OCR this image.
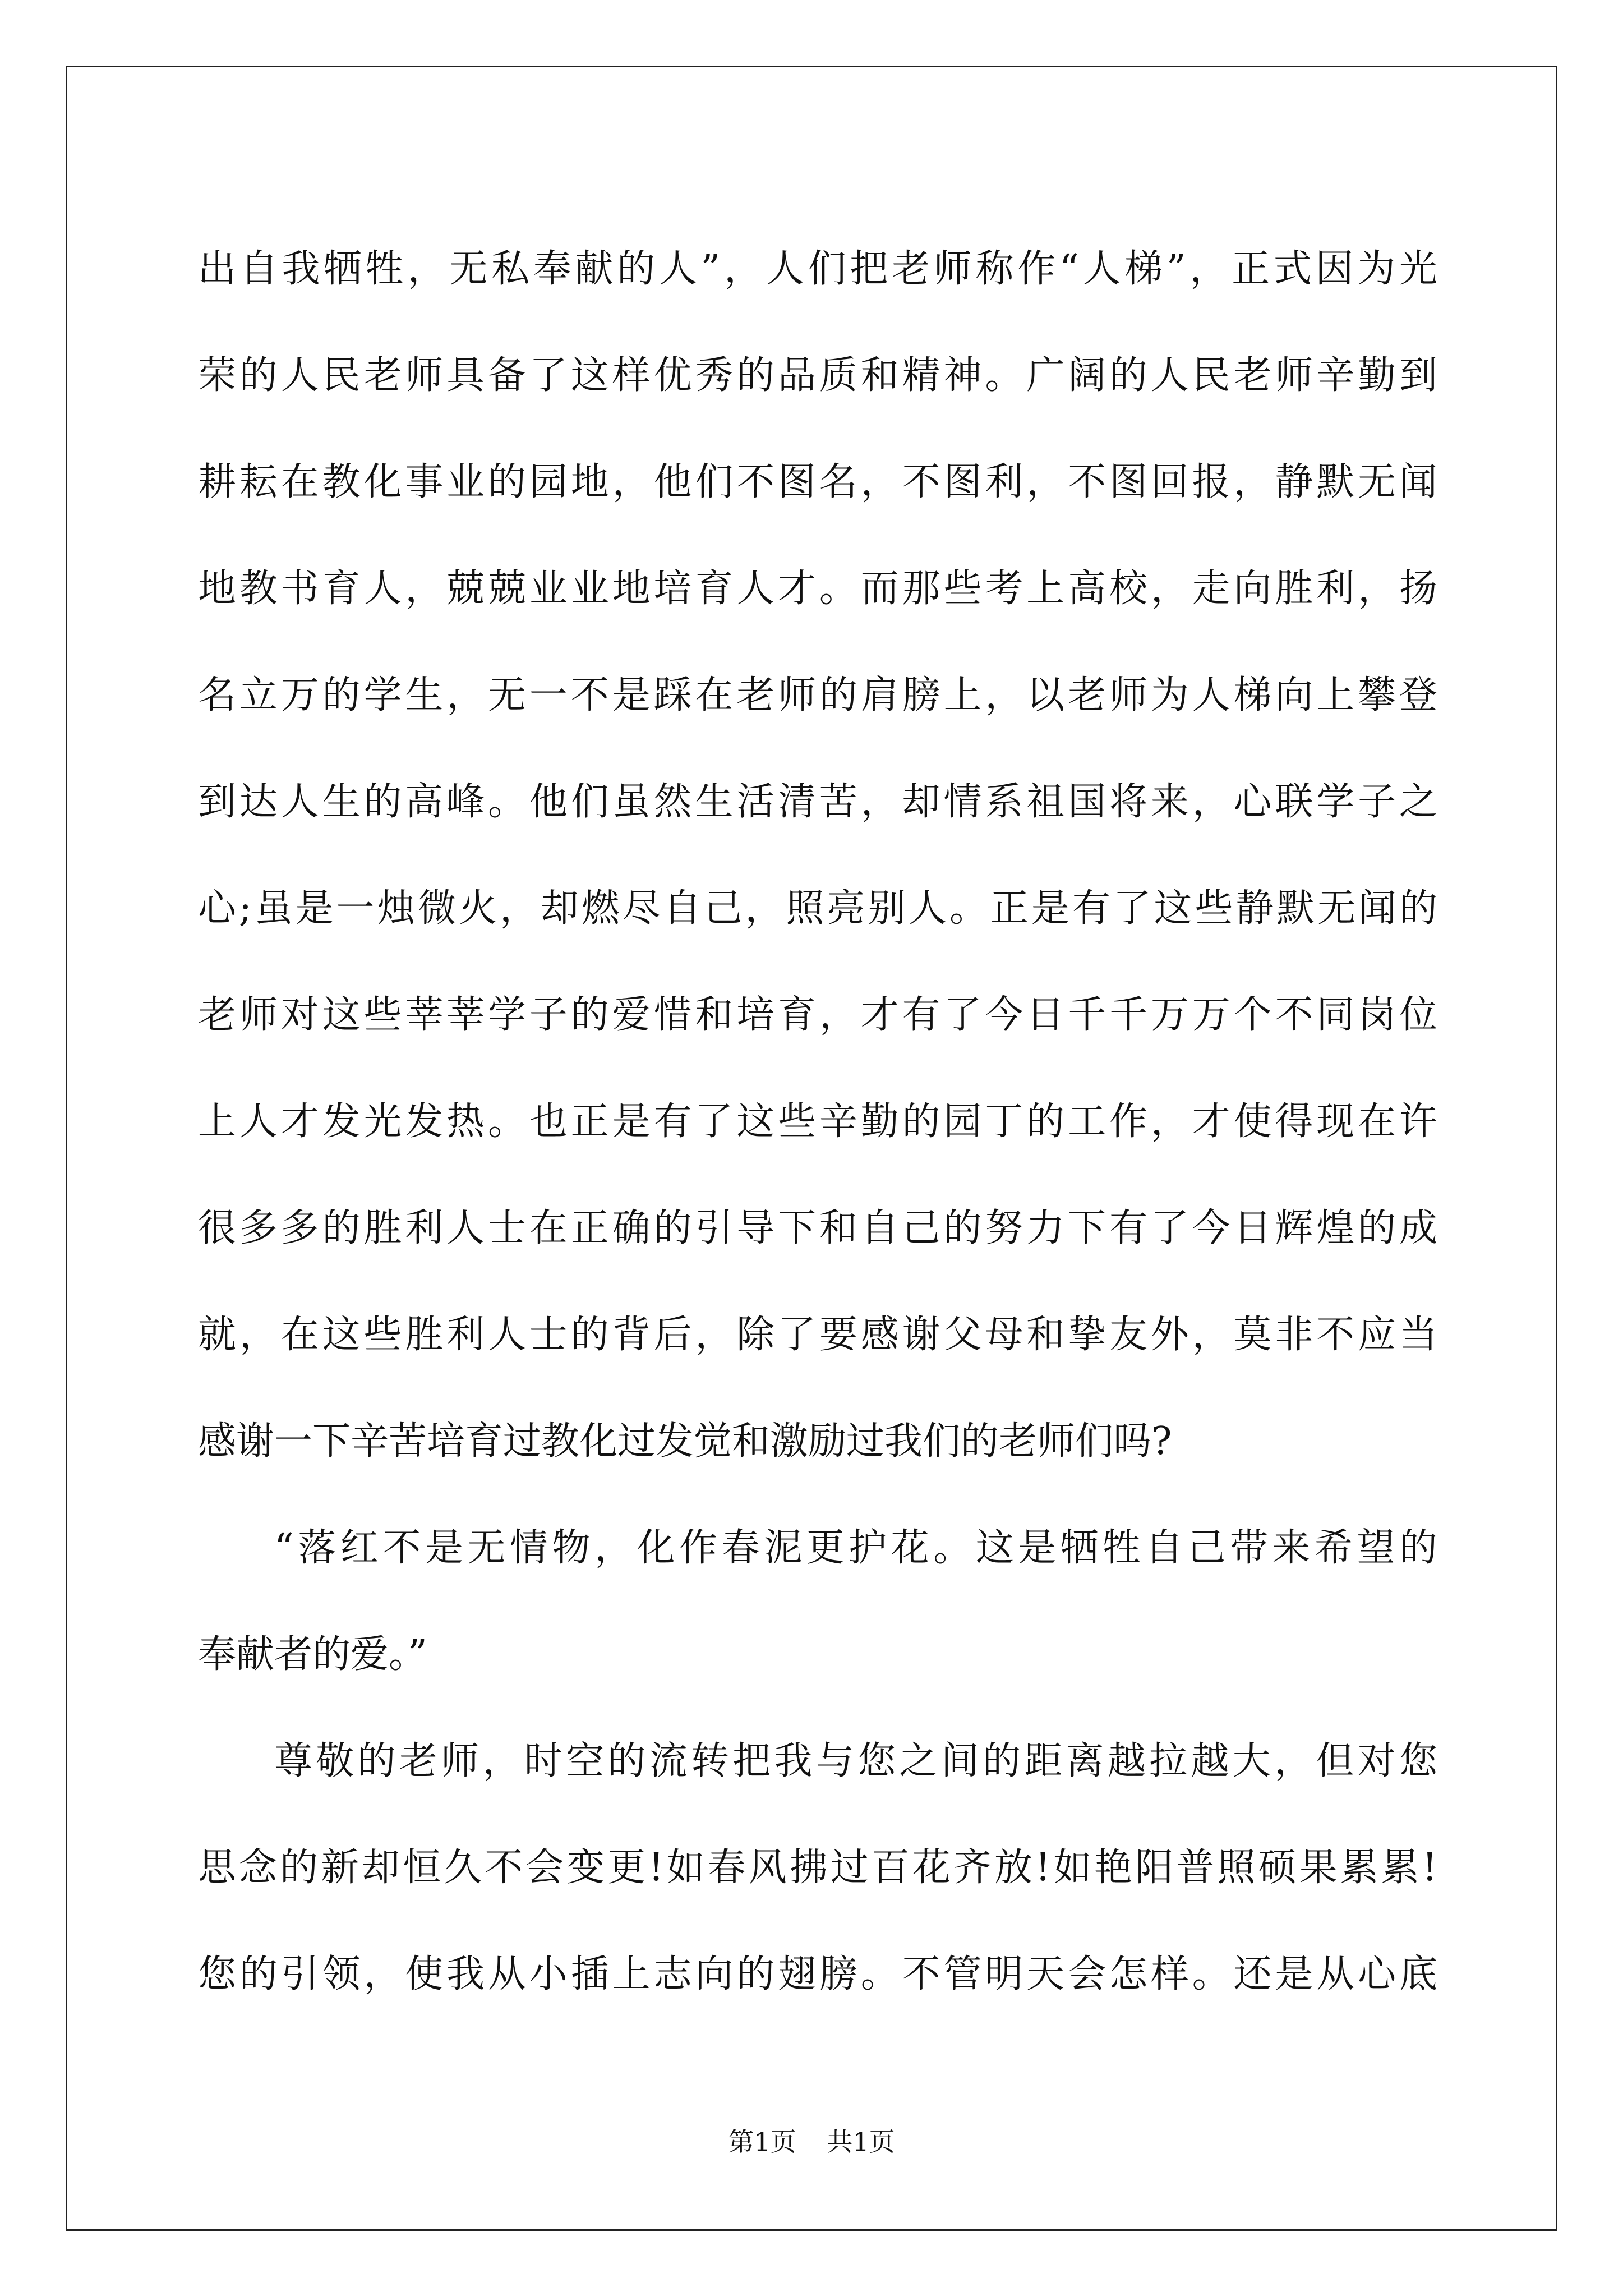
出自我牺牲，无私奉献的人”，人们把老师称作“人梯”，正式因为光
荣的人民老师具备了这样优秀的品质和精神。广阔的人民老师辛勤到
耕耘在教化事业的园地，他们不图名，不图利，不图回报，静默无闻
地教书育人，兢兢业业地培育人才。而那些考上高校，走向胜利，扬
名立万的学生，无一不是踩在老师的肩膀上，以老师为人梯向上攀登
到达人生的高峰。他们虽然生活清苦，却情系祖国将来，心联学子之
心;虽是一烛微火，却燃尽自己，照亮别人。正是有了这些静默无闻的
老师对这些莘莘学子的爱惜和培育，才有了今日千千万万个不同岗位
上人才发光发热。也正是有了这些辛勤的园丁的工作，才使得现在许
很多多的胜利人士在正确的引导下和自己的努力下有了今日辉煌的成
就，在这些胜利人士的背后，除了要感谢父母和挚友外，莫非不应当
感谢一下辛苦培育过教化过发觉和激励过我们的老师们吗?
“落红不是无情物，化作春泥更护花。这是牺牲自己带来希望的
奉献者的爱。”
尊敬的老师，时空的流转把我与您之间的距离越拉越大，但对您
思念的新却恒久不会变更!如春风拂过百花齐放!如艳阳普照硕果累累!
您的引领，使我从小插上志向的翅膀。不管明天会怎样。还是从心底
第1页 共1页
